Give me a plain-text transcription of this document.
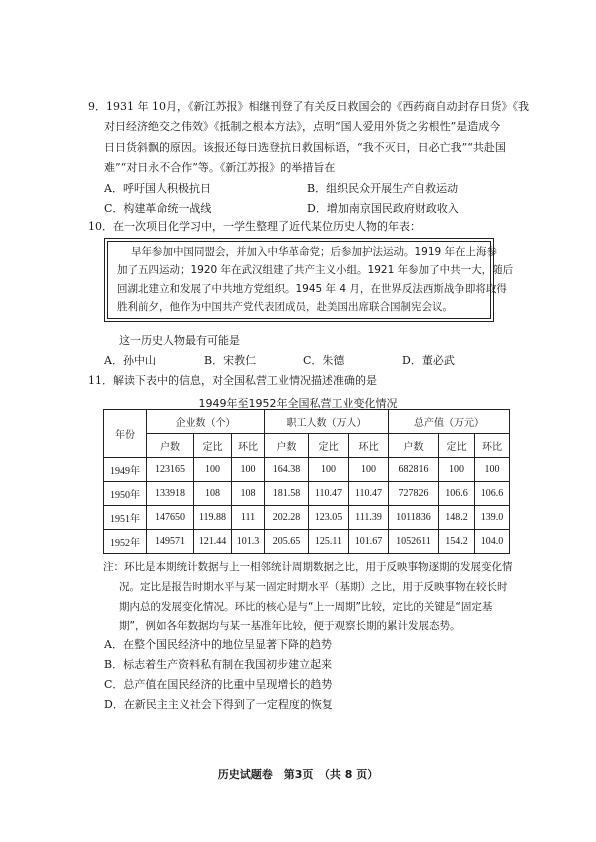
9．1931 年 10月，《新江苏报》相继刊登了有关反日救国会的《西药商自动封存日货》《我
对日经济绝交之伟效》《抵制之根本方法》，点明“国人爱用外货之劣根性”是造成今
日日货斜飘的原因。该报还每日选登抗日救国标语，“我不灭日，日必亡我”“共赴国
难”“对日永不合作”等。《新江苏报》的举措旨在
A．呼吁国人积极抗日	B．组织民众开展生产自救运动
C．构建革命统一战线	D．增加南京国民政府财政收入
10．在一次项目化学习中，一学生整理了近代某位历史人物的年表：
早年参加中国同盟会，并加入中华革命党；后参加护法运动。1919 年在上海参
加了五四运动；1920 年在武汉组建了共产主义小组。1921 年参加了中共一大，随后
回湖北建立和发展了中共地方党组织。1945 年 4 月，在世界反法西斯战争即将取得
胜利前夕，他作为中国共产党代表团成员，赴美国出席联合国制宪会议。
这一历史人物最有可能是
A．孙中山	B．宋教仁	C．朱德	D．董必武
11．解读下表中的信息，对全国私营工业情况描述准确的是
1949年至1952年全国私营工业变化情况
年份	企业数（个）			职工人数（万人）			总产值（万元）		
	户数	定比	环比	户数	定比	环比	户数	定比	环比
1949年	123165	100	100	164.38	100	100	682816	100	100
1950年	133918	108	108	181.58	110.47	110.47	727826	106.6	106.6
1951年	147650	119.88	111	202.28	123.05	111.39	1011836	148.2	139.0
1952年	149571	121.44	101.3	205.65	125.11	101.67	1052611	154.2	104.0
注：环比是本期统计数据与上一相邻统计周期数据之比，用于反映事物逐期的发展变化情
况。定比是报告时期水平与某一固定时期水平（基期）之比，用于反映事物在较长时
期内总的发展变化情况。环比的核心是与“上一周期”比较，定比的关键是“固定基
期”，例如各年数据均与某一基准年比较，便于观察长期的累计发展态势。
A．在整个国民经济中的地位呈显著下降的趋势
B．标志着生产资料私有制在我国初步建立起来
C．总产值在国民经济的比重中呈现增长的趋势
D．在新民主主义社会下得到了一定程度的恢复
历史试题卷　第3页　（共 8 页）
